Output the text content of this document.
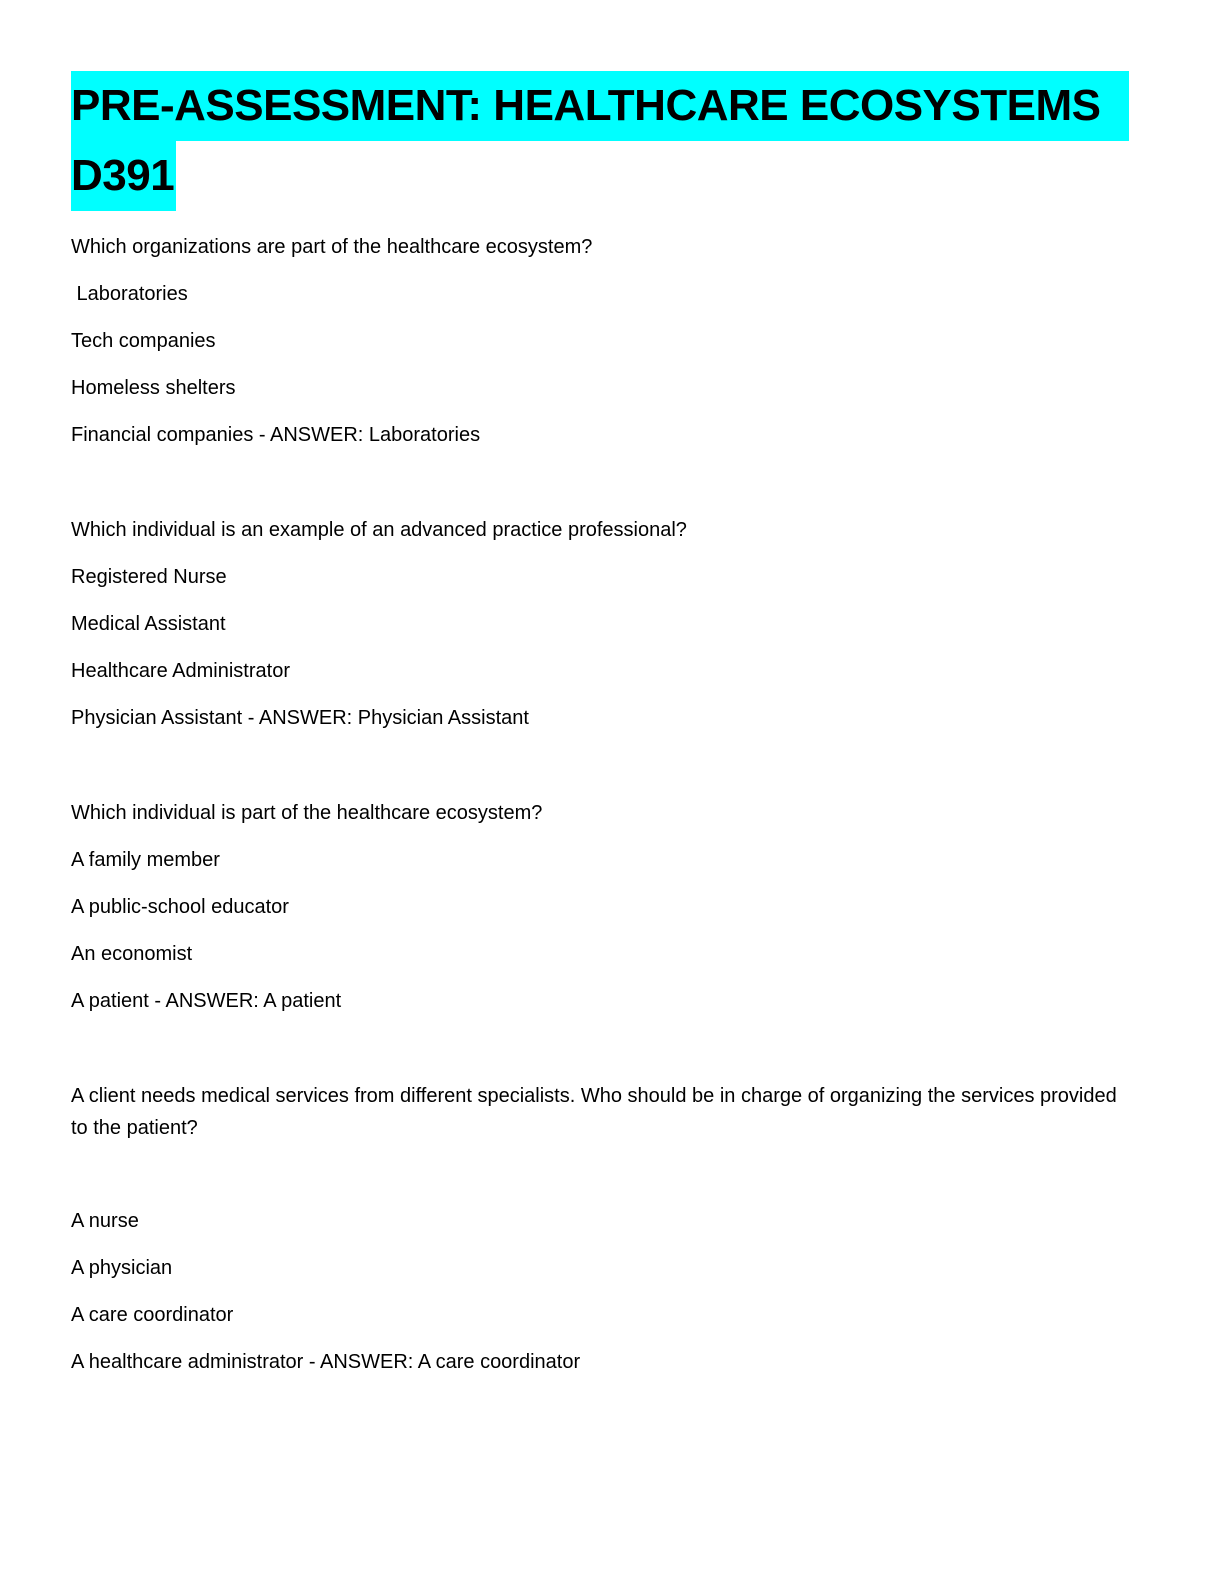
PRE-ASSESSMENT: HEALTHCARE ECOSYSTEMS
D391

Which organizations are part of the healthcare ecosystem?

Laboratories

Tech companies

Homeless shelters

Financial companies - ANSWER: Laboratories

Which individual is an example of an advanced practice professional?

Registered Nurse

Medical Assistant

Healthcare Administrator

Physician Assistant - ANSWER: Physician Assistant

Which individual is part of the healthcare ecosystem?

A family member

A public-school educator

An economist

A patient - ANSWER: A patient

A client needs medical services from different specialists. Who should be in charge of organizing the services provided to the patient?

A nurse

A physician

A care coordinator

A healthcare administrator - ANSWER: A care coordinator
